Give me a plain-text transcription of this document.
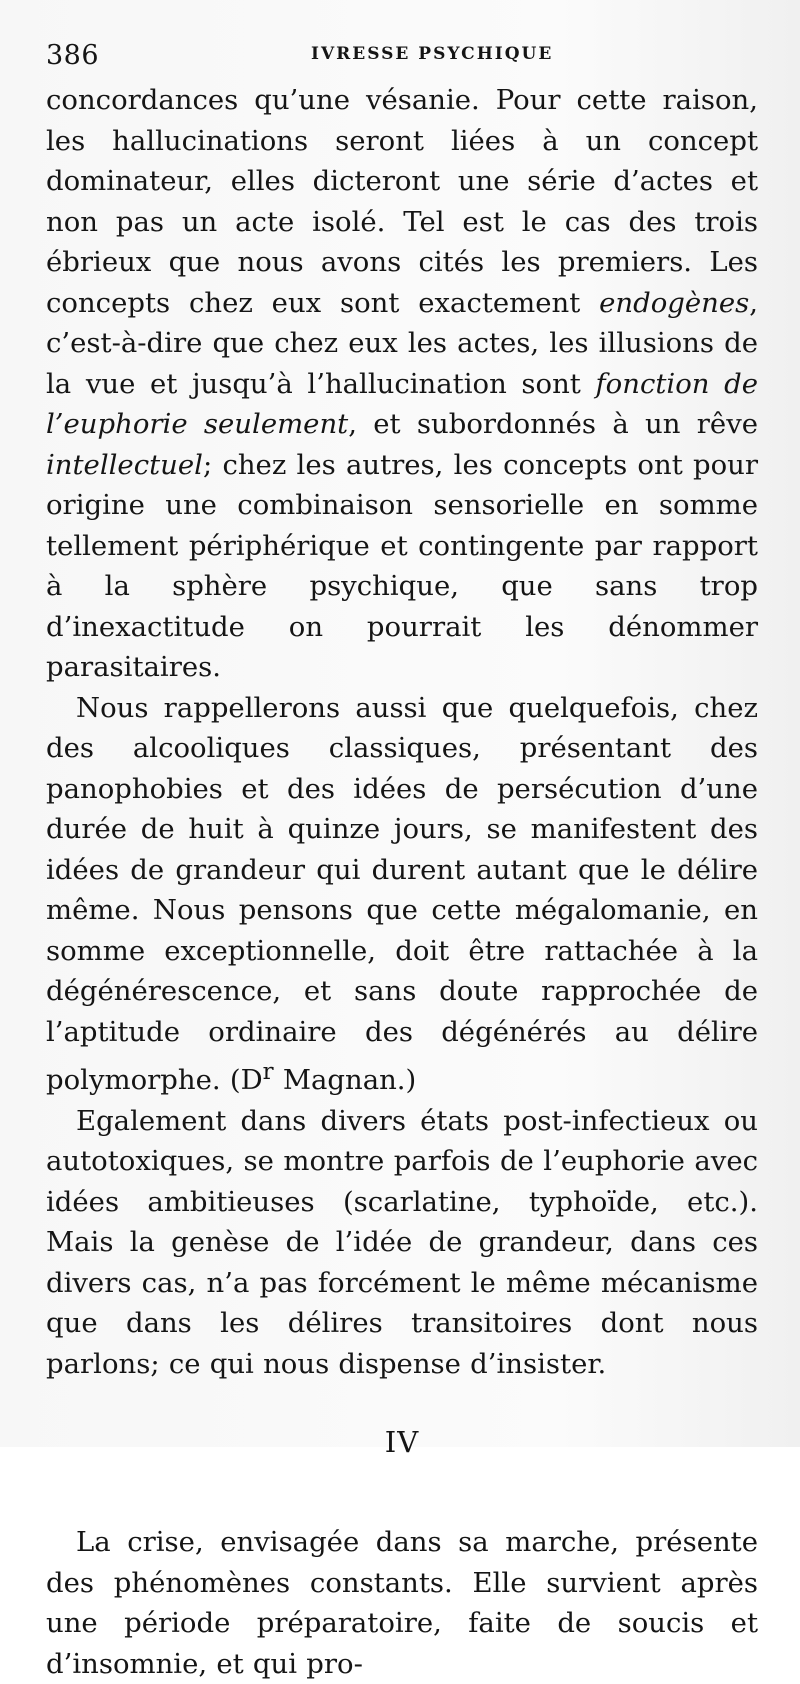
386	IVRESSE PSYCHIQUE

concordances qu’une vésanie. Pour cette raison, les hallucinations seront liées à un concept dominateur, elles dicteront une série d’actes et non pas un acte isolé. Tel est le cas des trois ébrieux que nous avons cités les premiers. Les concepts chez eux sont exactement endogènes, c’est-à-dire que chez eux les actes, les illusions de la vue et jusqu’à l’hallucination sont fonction de l’euphorie seulement, et subordonnés à un rêve intellectuel; chez les autres, les concepts ont pour origine une combinaison sensorielle en somme tellement périphérique et contingente par rapport à la sphère psychique, que sans trop d’inexactitude on pourrait les dénommer parasitaires.

Nous rappellerons aussi que quelquefois, chez des alcooliques classiques, présentant des panophobies et des idées de persécution d’une durée de huit à quinze jours, se manifestent des idées de grandeur qui durent autant que le délire même. Nous pensons que cette mégalomanie, en somme exceptionnelle, doit être rattachée à la dégénérescence, et sans doute rapprochée de l’aptitude ordinaire des dégénérés au délire polymorphe. ($D^r$ Magnan.)

Egalement dans divers états post-infectieux ou autotoxiques, se montre parfois de l’euphorie avec idées ambitieuses (scarlatine, typhoïde, etc.). Mais la genèse de l’idée de grandeur, dans ces divers cas, n’a pas forcément le même mécanisme que dans les délires transitoires dont nous parlons; ce qui nous dispense d’insister.

IV

La crise, envisagée dans sa marche, présente des phénomènes constants. Elle survient après une période préparatoire, faite de soucis et d’insomnie, et qui pro-
